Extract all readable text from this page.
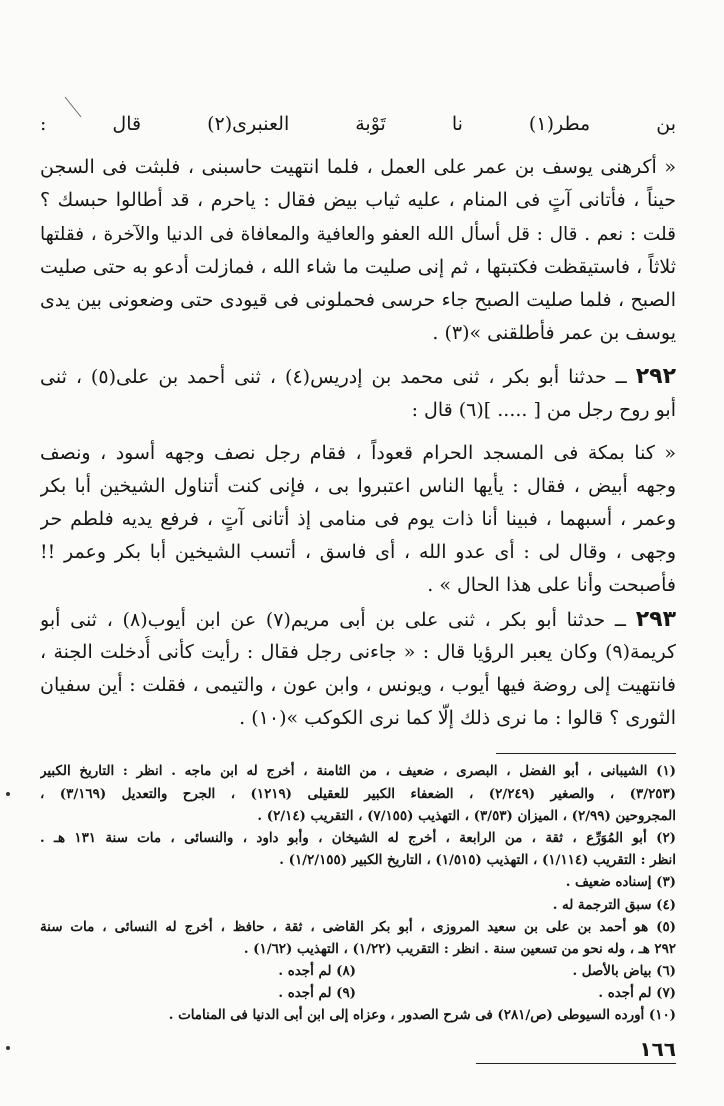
بن مطر(١) نا تَوْبة العنبرى(٢) قال :
« أكرهنى يوسف بن عمر على العمل ، فلما انتهيت حاسبنى ، فلبثت فى السجن
حيناً ، فأتانى آتٍ فى المنام ، عليه ثياب بيض فقال : ياحرم ، قد أطالوا حبسك ؟
قلت : نعم . قال : قل أسأل الله العفو والعافية والمعافاة فى الدنيا والآخرة ، فقلتها
ثلاثاً ، فاستيقظت فكتبتها ، ثم إنى صليت ما شاء الله ، فمازلت أدعو به حتى صليت
الصبح ، فلما صليت الصبح جاء حرسى فحملونى فى قيودى حتى وضعونى بين يدى
يوسف بن عمر فأطلقنى »(٣) .
٢٩٢ ــ حدثنا أبو بكر ، ثنى محمد بن إدريس(٤) ، ثنى أحمد بن على(٥) ، ثنى
أبو روح رجل من [ ..... ](٦) قال :
« كنا بمكة فى المسجد الحرام قعوداً ، فقام رجل نصف وجهه أسود ، ونصف
وجهه أبيض ، فقال : يأيها الناس اعتبروا بى ، فإنى كنت أتناول الشيخين أبا بكر
وعمر ، أسبهما ، فبينا أنا ذات يوم فى منامى إذ أتانى آتٍ ، فرفع يديه فلطم حر
وجهى ، وقال لى : أى عدو الله ، أى فاسق ، أتسب الشيخين أبا بكر وعمر !!
فأصبحت وأنا على هذا الحال » .
٢٩٣ ــ حدثنا أبو بكر ، ثنى على بن أبى مريم(٧) عن ابن أيوب(٨) ، ثنى أبو
كريمة(٩) وكان يعبر الرؤيا قال : « جاءنى رجل فقال : رأيت كأنى أُدخلت الجنة ،
فانتهيت إلى روضة فيها أيوب ، ويونس ، وابن عون ، والتيمى ، فقلت : أين سفيان
الثورى ؟ قالوا : ما نرى ذلك إلّا كما نرى الكوكب »(١٠) .
(١) الشيبانى ، أبو الفضل ، البصرى ، ضعيف ، من الثامنة ، أخرج له ابن ماجه . انظر : التاريخ الكبير
(٣/٢٥٣) ، والصغير (٢/٢٤٩) ، الضعفاء الكبير للعقيلى (١٢١٩) ، الجرح والتعديل (٣/١٦٩) ،
المجروحين (٢/٩٩) ، الميزان (٣/٥٣) ، التهذيب (٧/١٥٥) ، التقريب (٢/١٤) .
(٢) أبو المُوَرِّع ، ثقة ، من الرابعة ، أخرج له الشيخان ، وأبو داود ، والنسائى ، مات سنة ١٣١ هـ .
انظر : التقريب (١/١١٤) ، التهذيب (١/٥١٥) ، التاريخ الكبير (١/٢/١٥٥) .
(٣) إسناده ضعيف .
(٤) سبق الترجمة له .
(٥) هو أحمد بن على بن سعيد المروزى ، أبو بكر القاضى ، ثقة ، حافظ ، أخرج له النسائى ، مات سنة
٢٩٢ هـ ، وله نحو من تسعين سنة . انظر : التقريب (١/٢٢) ، التهذيب (١/٦٢) .
(٦) بياض بالأصل .
(٨) لم أجده .
(٧) لم أجده .
(٩) لم أجده .
(١٠) أورده السيوطى (ص/٢٨١) فى شرح الصدور ، وعزاه إلى ابن أبى الدنيا فى المنامات .
١٦٦
